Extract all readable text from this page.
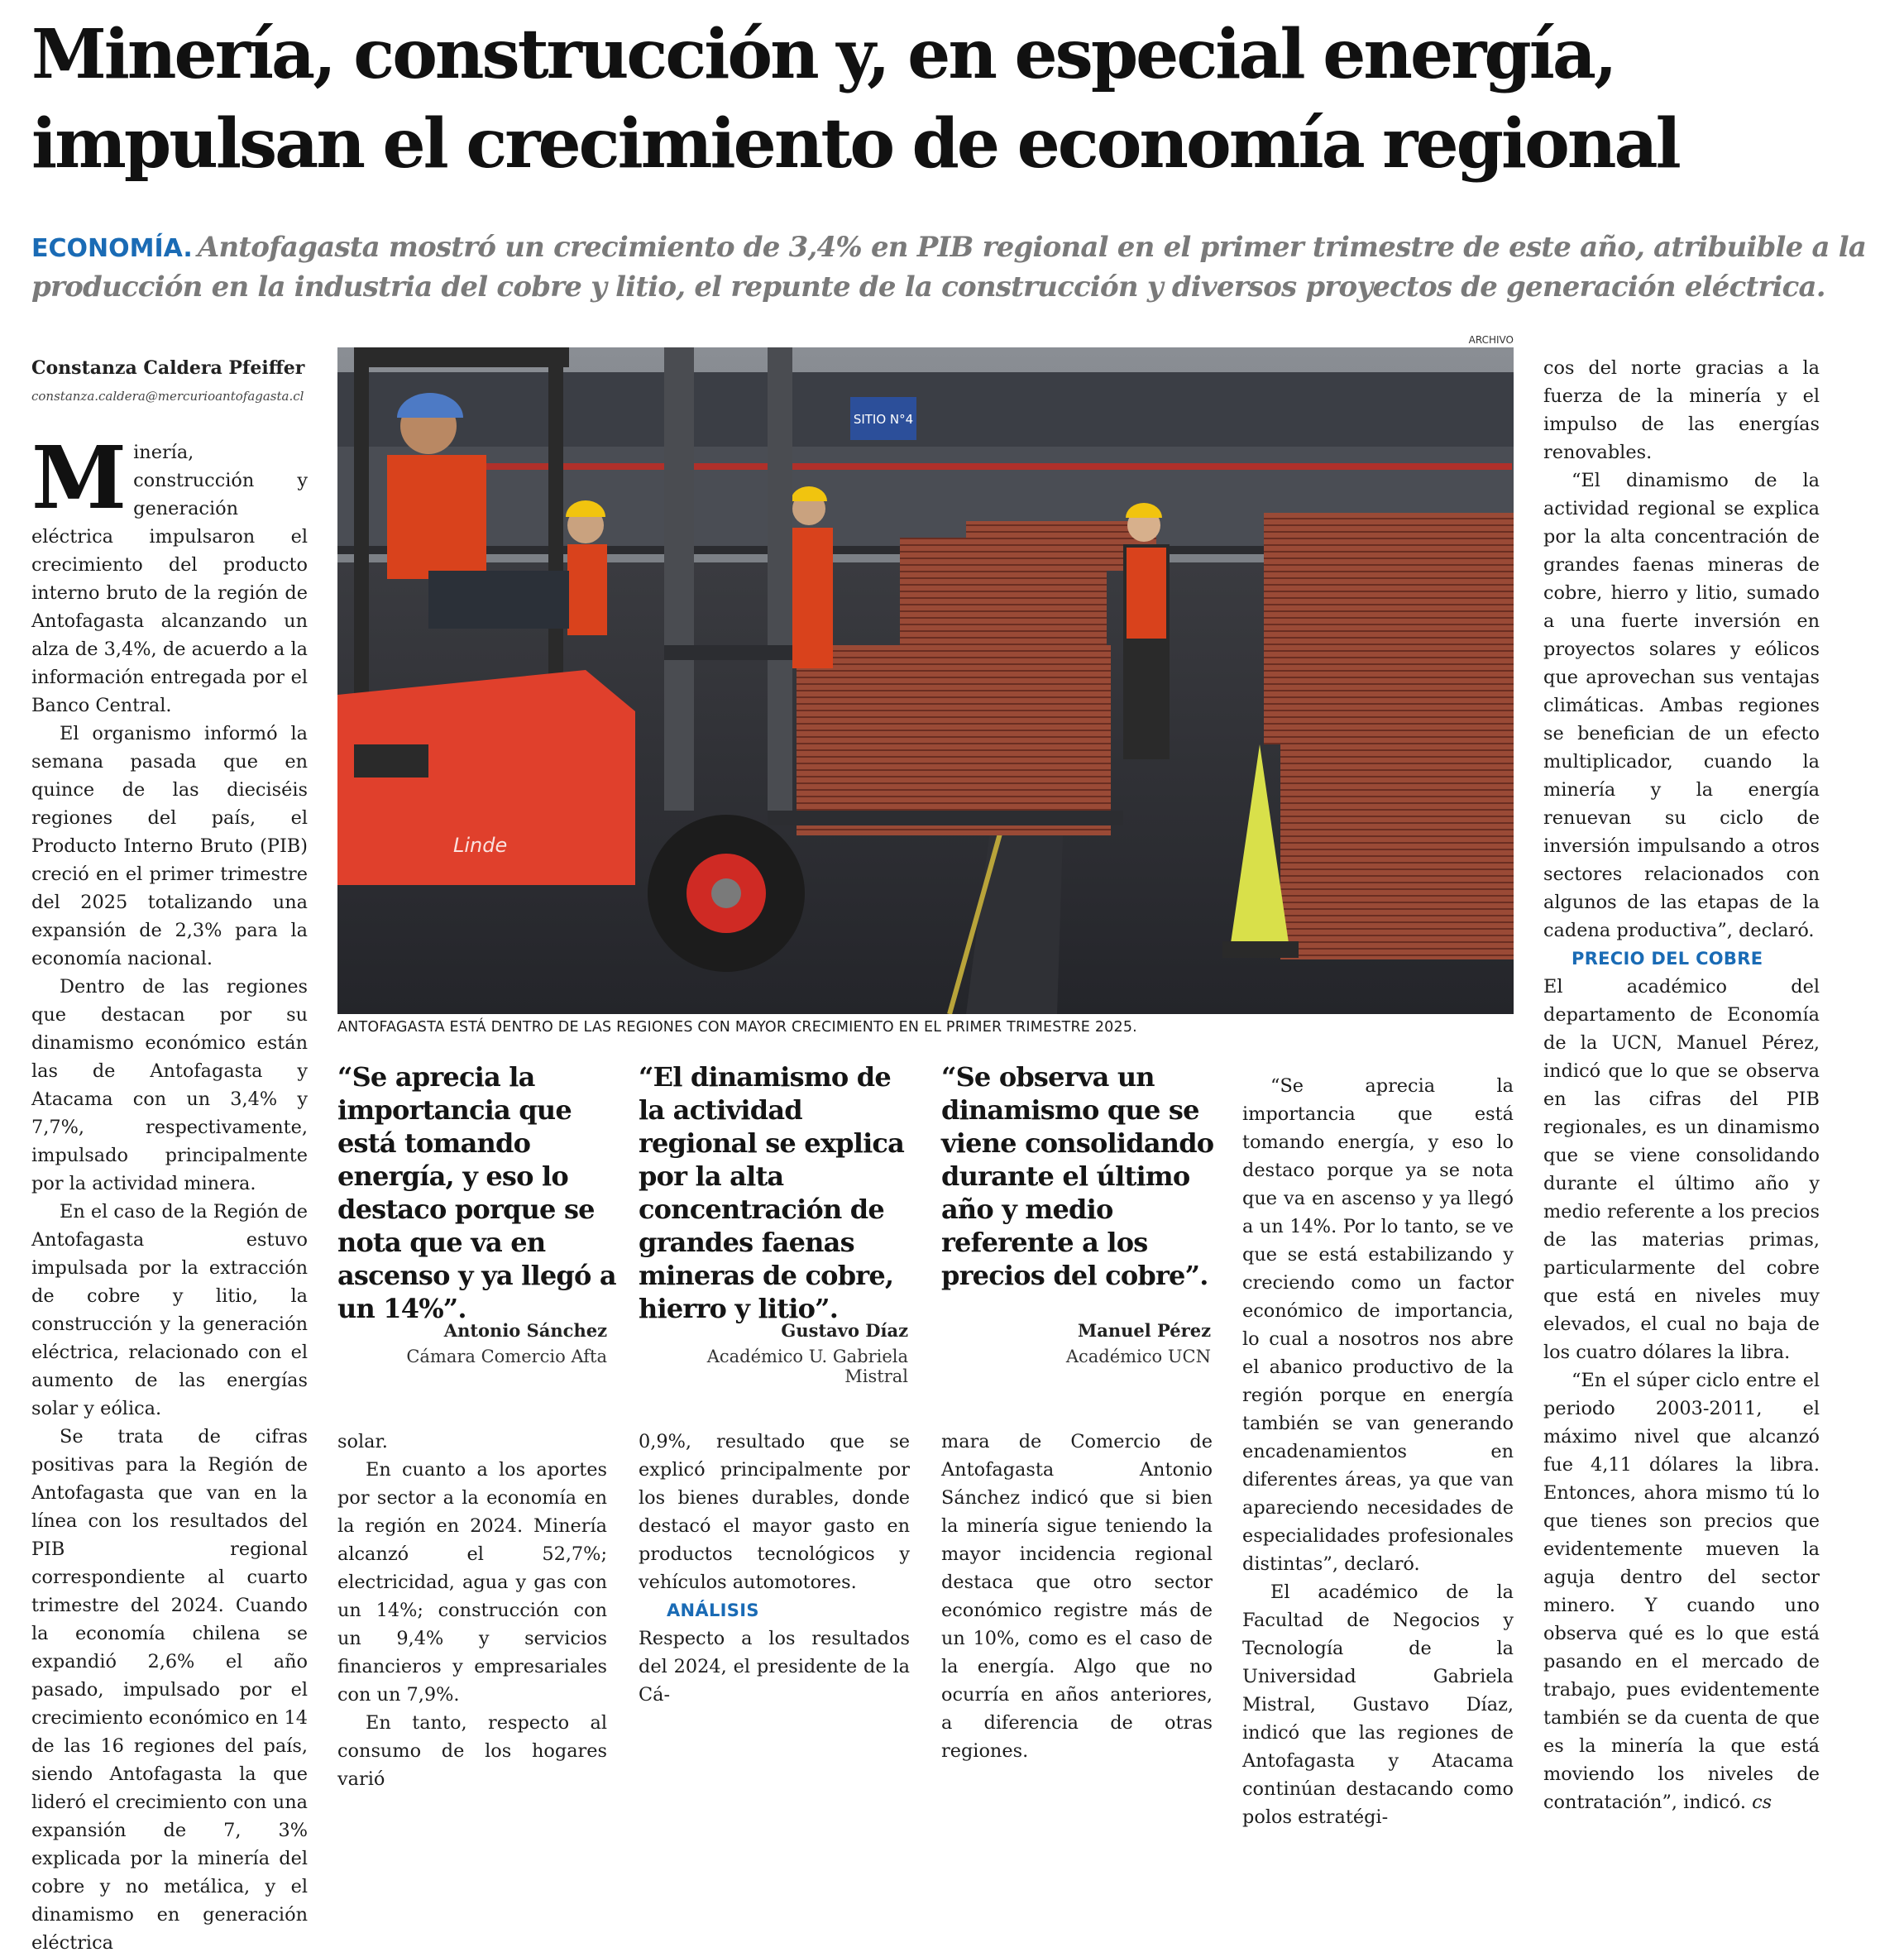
Minería, construcción y, en especial energía, impulsan el crecimiento de economía regional
ECONOMÍA. Antofagasta mostró un crecimiento de 3,4% en PIB regional en el primer trimestre de este año, atribuible a la producción en la industria del cobre y litio, el repunte de la construcción y diversos proyectos de generación eléctrica.
Constanza Caldera Pfeiffer
constanza.caldera@mercurioantofagasta.cl

Minería, construcción y generación eléctrica impulsaron el crecimiento del producto interno bruto de la región de Antofagasta alcanzando un alza de 3,4%, de acuerdo a la información entregada por el Banco Central.

El organismo informó la semana pasada que en quince de las dieciséis regiones del país, el Producto Interno Bruto (PIB) creció en el primer trimestre del 2025 totalizando una expansión de 2,3% para la economía nacional.

Dentro de las regiones que destacan por su dinamismo económico están las de Antofagasta y Atacama con un 3,4% y 7,7%, respectivamente, impulsado principalmente por la actividad minera.

En el caso de la Región de Antofagasta estuvo impulsada por la extracción de cobre y litio, la construcción y la generación eléctrica, relacionado con el aumento de las energías solar y eólica.

Se trata de cifras positivas para la Región de Antofagasta que van en la línea con los resultados del PIB regional correspondiente al cuarto trimestre del 2024. Cuando la economía chilena se expandió 2,6% el año pasado, impulsado por el crecimiento económico en 14 de las 16 regiones del país, siendo Antofagasta la que lideró el crecimiento con una expansión de 7, 3% explicada por la minería del cobre y no metálica, y el dinamismo en generación eléctrica

ARCHIVO
SITIO N°4
Linde
ANTOFAGASTA ESTÁ DENTRO DE LAS REGIONES CON MAYOR CRECIMIENTO EN EL PRIMER TRIMESTRE 2025.
“Se aprecia la importancia que está tomando energía, y eso lo destaco porque se nota que va en ascenso y ya llegó a un 14%”.
Antonio Sánchez
Cámara Comercio Afta
“El dinamismo de la actividad regional se explica por la alta concentración de grandes faenas mineras de cobre, hierro y litio”.
Gustavo Díaz
Académico U. Gabriela Mistral
“Se observa un dinamismo que se viene consolidando durante el último año y medio referente a los precios del cobre”.
Manuel Pérez
Académico UCN

solar.

En cuanto a los aportes por sector a la economía en la región en 2024. Minería alcanzó el 52,7%; electricidad, agua y gas con un 14%; construcción con un 9,4% y servicios financieros y empresariales con un 7,9%.

En tanto, respecto al consumo de los hogares varió

0,9%, resultado que se explicó principalmente por los bienes durables, donde destacó el mayor gasto en productos tecnológicos y vehículos automotores.

ANÁLISIS

Respecto a los resultados del 2024, el presidente de la Cá-

mara de Comercio de Antofagasta Antonio Sánchez indicó que si bien la minería sigue teniendo la mayor incidencia regional destaca que otro sector económico registre más de un 10%, como es el caso de la energía. Algo que no ocurría en años anteriores, a diferencia de otras regiones.

“Se aprecia la importancia que está tomando energía, y eso lo destaco porque ya se nota que va en ascenso y ya llegó a un 14%. Por lo tanto, se ve que se está estabilizando y creciendo como un factor económico de importancia, lo cual a nosotros nos abre el abanico productivo de la región porque en energía también se van generando encadenamientos en diferentes áreas, ya que van apareciendo necesidades de especialidades profesionales distintas”, declaró.

El académico de la Facultad de Negocios y Tecnología de la Universidad Gabriela Mistral, Gustavo Díaz, indicó que las regiones de Antofagasta y Atacama continúan destacando como polos estratégi-

cos del norte gracias a la fuerza de la minería y el impulso de las energías renovables.

“El dinamismo de la actividad regional se explica por la alta concentración de grandes faenas mineras de cobre, hierro y litio, sumado a una fuerte inversión en proyectos solares y eólicos que aprovechan sus ventajas climáticas. Ambas regiones se benefician de un efecto multiplicador, cuando la minería y la energía renuevan su ciclo de inversión impulsando a otros sectores relacionados con algunos de las etapas de la cadena productiva”, declaró.

PRECIO DEL COBRE

El académico del departamento de Economía de la UCN, Manuel Pérez, indicó que lo que se observa en las cifras del PIB regionales, es un dinamismo que se viene consolidando durante el último año y medio referente a los precios de las materias primas, particularmente del cobre que está en niveles muy elevados, el cual no baja de los cuatro dólares la libra.

“En el súper ciclo entre el periodo 2003-2011, el máximo nivel que alcanzó fue 4,11 dólares la libra. Entonces, ahora mismo tú lo que tienes son precios que evidentemente mueven la aguja dentro del sector minero. Y cuando uno observa qué es lo que está pasando en el mercado de trabajo, pues evidentemente también se da cuenta de que es la minería la que está moviendo los niveles de contratación”, indicó. cs
